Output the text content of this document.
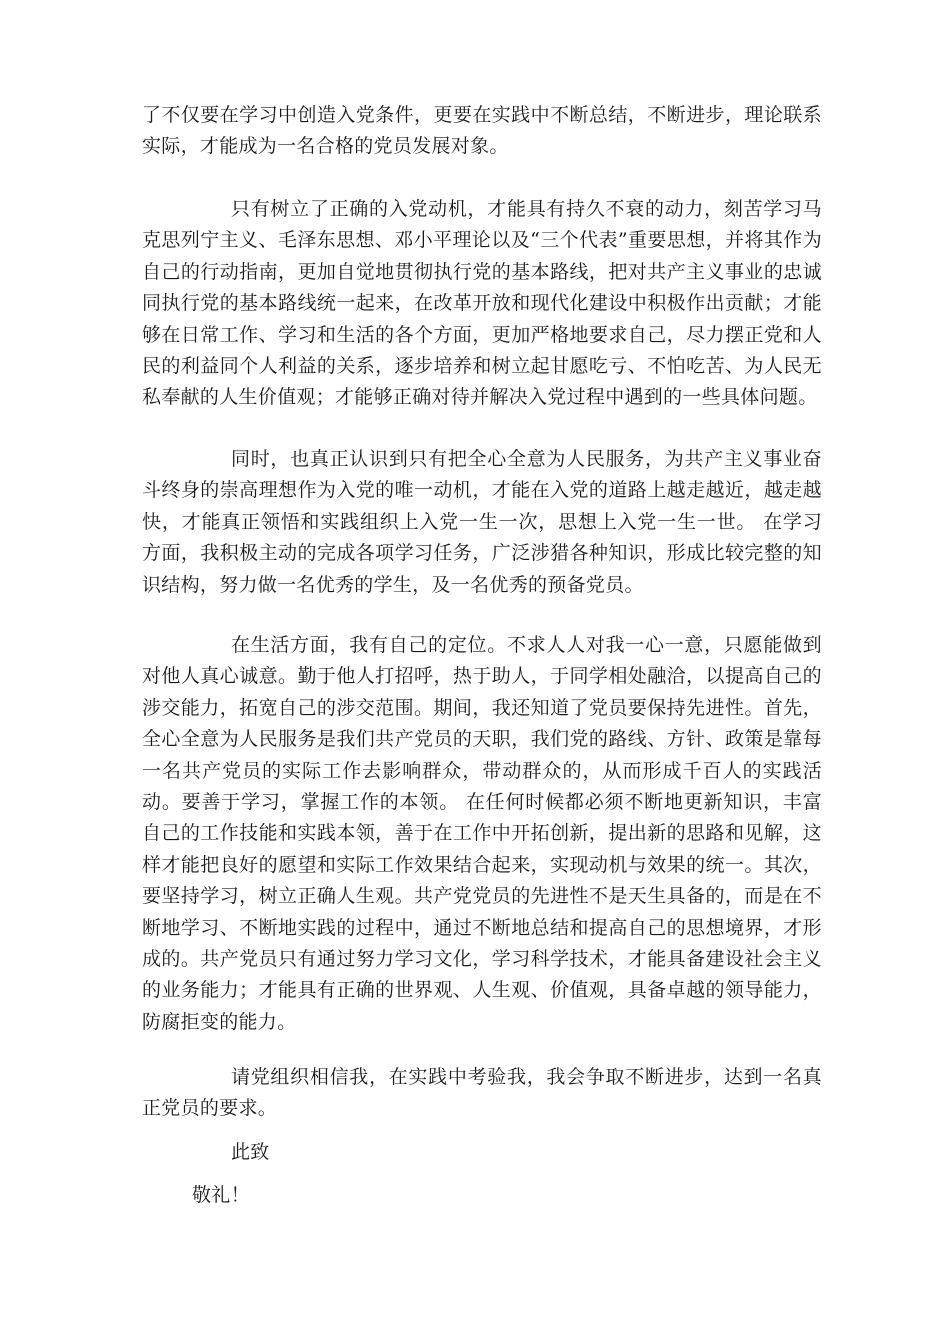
了不仅要在学习中创造入党条件，更要在实践中不断总结，不断进步，理论联系实际，才能成为一名合格的党员发展对象。

只有树立了正确的入党动机，才能具有持久不衰的动力，刻苦学习马克思列宁主义、毛泽东思想、邓小平理论以及“三个代表”重要思想，并将其作为自己的行动指南，更加自觉地贯彻执行党的基本路线，把对共产主义事业的忠诚同执行党的基本路线统一起来，在改革开放和现代化建设中积极作出贡献；才能够在日常工作、学习和生活的各个方面，更加严格地要求自己，尽力摆正党和人民的利益同个人利益的关系，逐步培养和树立起甘愿吃亏、不怕吃苦、为人民无私奉献的人生价值观；才能够正确对待并解决入党过程中遇到的一些具体问题。

同时，也真正认识到只有把全心全意为人民服务，为共产主义事业奋斗终身的崇高理想作为入党的唯一动机，才能在入党的道路上越走越近，越走越快，才能真正领悟和实践组织上入党一生一次，思想上入党一生一世。 在学习方面，我积极主动的完成各项学习任务，广泛涉猎各种知识，形成比较完整的知识结构，努力做一名优秀的学生，及一名优秀的预备党员。

在生活方面，我有自己的定位。不求人人对我一心一意，只愿能做到对他人真心诚意。勤于他人打招呼，热于助人，于同学相处融洽，以提高自己的涉交能力，拓宽自己的涉交范围。期间，我还知道了党员要保持先进性。首先，全心全意为人民服务是我们共产党员的天职，我们党的路线、方针、政策是靠每一名共产党员的实际工作去影响群众，带动群众的，从而形成千百人的实践活动。要善于学习，掌握工作的本领。 在任何时候都必须不断地更新知识，丰富自己的工作技能和实践本领，善于在工作中开拓创新，提出新的思路和见解，这样才能把良好的愿望和实际工作效果结合起来，实现动机与效果的统一。其次，要坚持学习，树立正确人生观。共产党党员的先进性不是天生具备的，而是在不断地学习、不断地实践的过程中，通过不断地总结和提高自己的思想境界，才形成的。共产党员只有通过努力学习文化，学习科学技术，才能具备建设社会主义的业务能力；才能具有正确的世界观、人生观、价值观，具备卓越的领导能力，防腐拒变的能力。

请党组织相信我，在实践中考验我，我会争取不断进步，达到一名真正党员的要求。

此致
敬礼！
